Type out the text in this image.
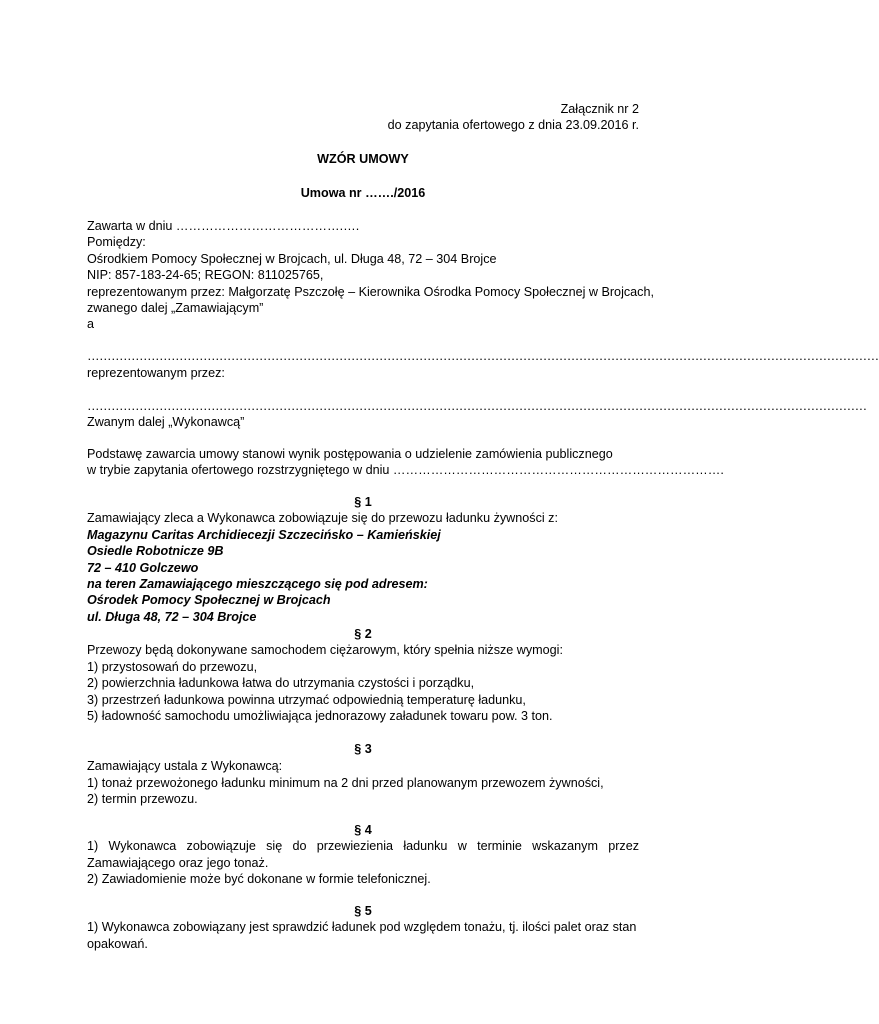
Załącznik nr 2
do zapytania ofertowego z dnia 23.09.2016 r.
WZÓR UMOWY
Umowa nr ……./2016
Zawarta w dniu ………………………………….….
Pomiędzy:
Ośrodkiem Pomocy Społecznej w Brojcach, ul. Długa 48, 72 – 304 Brojce
NIP: 857-183-24-65; REGON: 811025765,
reprezentowanym przez: Małgorzatę Pszczołę – Kierownika Ośrodka Pomocy Społecznej w Brojcach,
zwanego dalej „Zamawiającym”
a
………………………………………………………………………………………………………………………………………………………………………………
reprezentowanym przez:
……………………………………………………………………………………………………………………………………………………………………………
Zwanym dalej „Wykonawcą”
Podstawę zawarcia umowy stanowi wynik postępowania o udzielenie zamówienia publicznego
w trybie zapytania ofertowego rozstrzygniętego w dniu …………………………………………………………………….
§ 1
Zamawiający zleca a Wykonawca zobowiązuje się do przewozu ładunku żywności z:
Magazynu Caritas Archidiecezji Szczecińsko – Kamieńskiej
Osiedle Robotnicze 9B
72 – 410 Golczewo
na teren Zamawiającego mieszczącego się pod adresem:
Ośrodek Pomocy Społecznej w Brojcach
ul. Długa 48, 72 – 304 Brojce
§ 2
Przewozy będą dokonywane samochodem ciężarowym, który spełnia niższe wymogi:
1) przystosowań do przewozu,
2) powierzchnia ładunkowa łatwa do utrzymania czystości i porządku,
3) przestrzeń ładunkowa powinna utrzymać odpowiednią temperaturę ładunku,
5) ładowność samochodu umożliwiająca jednorazowy załadunek towaru pow. 3 ton.
§ 3
Zamawiający ustala z Wykonawcą:
1) tonaż przewożonego ładunku minimum na 2 dni przed planowanym przewozem żywności,
2) termin przewozu.
§ 4
1) Wykonawca zobowiązuje się do przewiezienia ładunku w terminie wskazanym przez
Zamawiającego oraz jego tonaż.
2) Zawiadomienie może być dokonane w formie telefonicznej.
§ 5
1) Wykonawca zobowiązany jest sprawdzić ładunek pod względem tonażu, tj. ilości palet oraz stan
opakowań.
